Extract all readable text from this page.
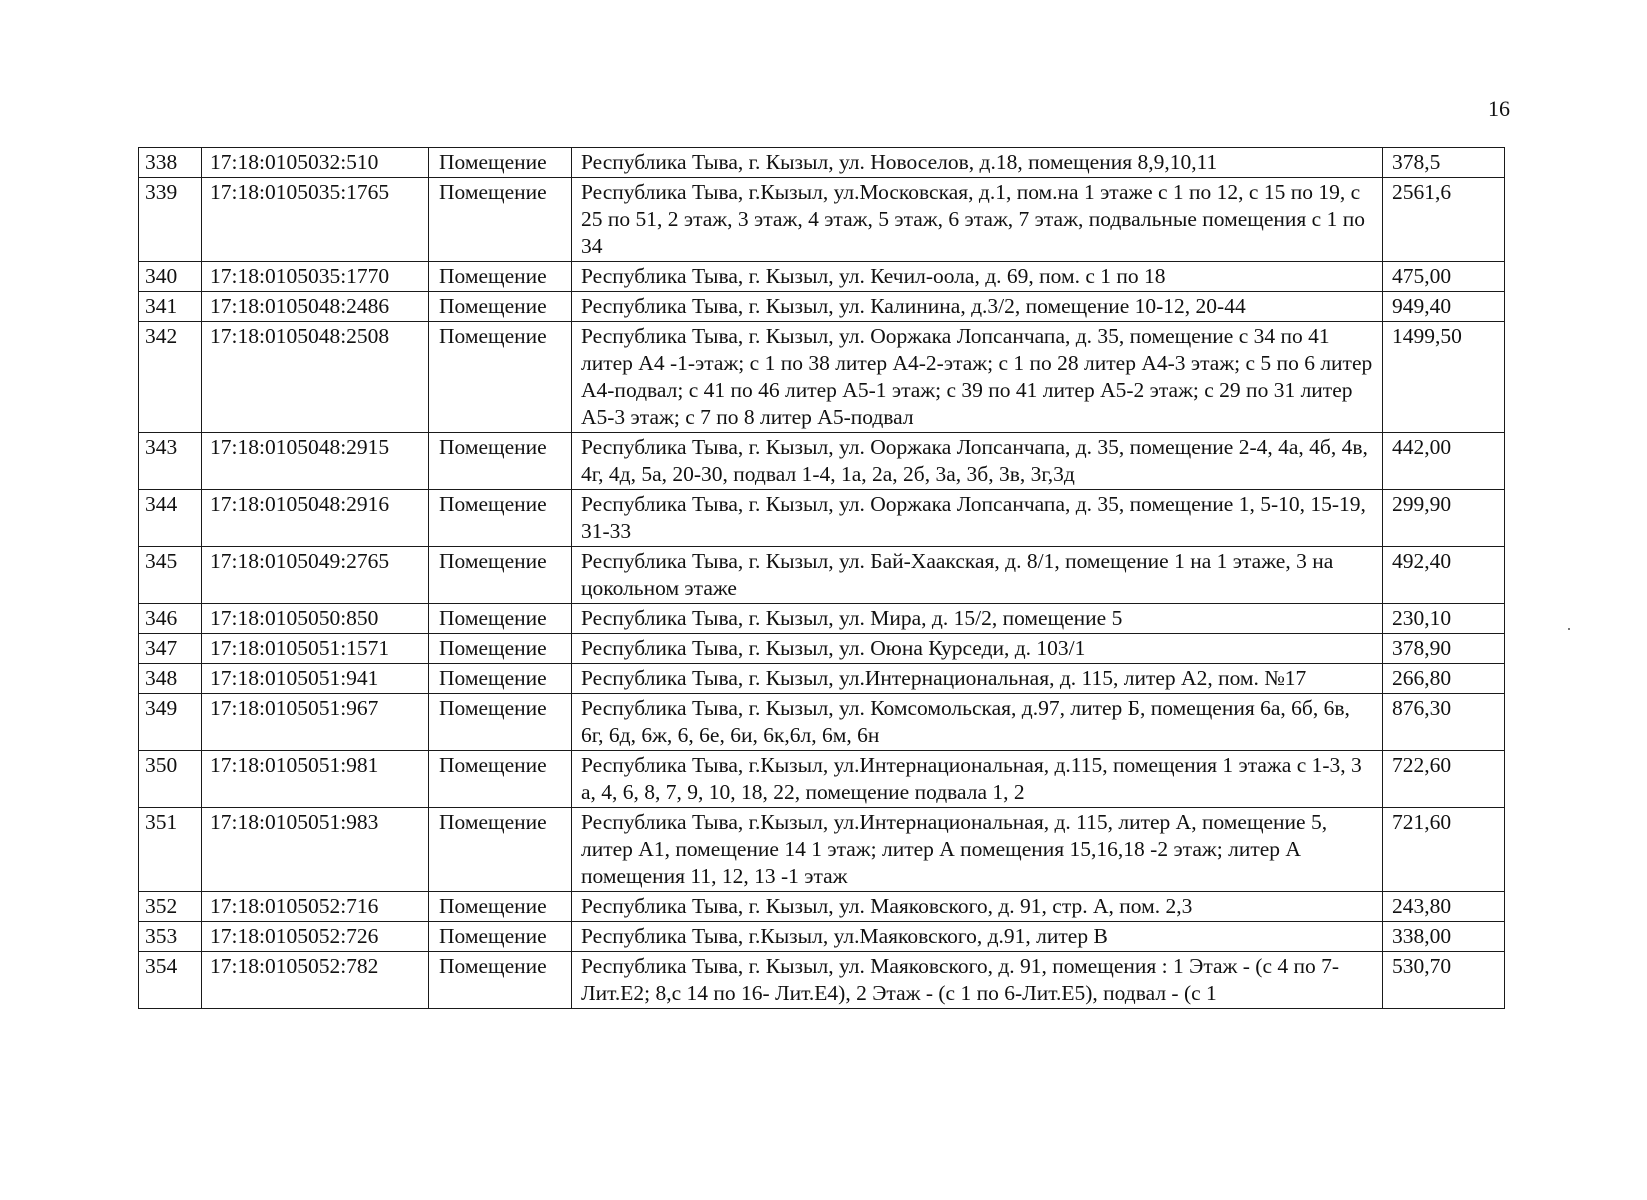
16
338	17:18:0105032:510	Помещение	Республика Тыва, г. Кызыл, ул. Новоселов, д.18, помещения 8,9,10,11	378,5
339	17:18:0105035:1765	Помещение	Республика Тыва, г.Кызыл, ул.Московская, д.1, пом.на 1 этаже с 1 по 12, с 15 по 19, с 25 по 51, 2 этаж, 3 этаж, 4 этаж, 5 этаж, 6 этаж, 7 этаж, подвальные помещения с 1 по 34	2561,6
340	17:18:0105035:1770	Помещение	Республика Тыва, г. Кызыл, ул. Кечил-оола, д. 69, пом. с 1 по 18	475,00
341	17:18:0105048:2486	Помещение	Республика Тыва, г. Кызыл, ул. Калинина, д.3/2, помещение 10-12, 20-44	949,40
342	17:18:0105048:2508	Помещение	Республика Тыва, г. Кызыл, ул. Ооржака Лопсанчапа, д. 35, помещение с 34 по 41 литер А4 -1-этаж; с 1 по 38 литер А4-2-этаж; с 1 по 28 литер А4-3 этаж; с 5 по 6 литер А4-подвал; с 41 по 46 литер А5-1 этаж; с 39 по 41 литер А5-2 этаж; с 29 по 31 литер А5-3 этаж; с 7 по 8 литер А5-подвал	1499,50
343	17:18:0105048:2915	Помещение	Республика Тыва, г. Кызыл, ул. Ооржака Лопсанчапа, д. 35, помещение 2-4, 4а, 4б, 4в, 4г, 4д, 5а, 20-30, подвал 1-4, 1а, 2а, 2б, 3а, 3б, 3в, 3г,3д	442,00
344	17:18:0105048:2916	Помещение	Республика Тыва, г. Кызыл, ул. Ооржака Лопсанчапа, д. 35, помещение 1, 5-10, 15-19, 31-33	299,90
345	17:18:0105049:2765	Помещение	Республика Тыва, г. Кызыл, ул. Бай-Хаакская, д. 8/1, помещение 1 на 1 этаже, 3 на цокольном этаже	492,40
346	17:18:0105050:850	Помещение	Республика Тыва, г. Кызыл, ул. Мира, д. 15/2, помещение 5	230,10
347	17:18:0105051:1571	Помещение	Республика Тыва, г. Кызыл, ул. Оюна Курседи, д. 103/1	378,90
348	17:18:0105051:941	Помещение	Республика Тыва, г. Кызыл, ул.Интернациональная, д. 115, литер А2, пом. №17	266,80
349	17:18:0105051:967	Помещение	Республика Тыва, г. Кызыл, ул. Комсомольская, д.97, литер Б, помещения 6а, 6б, 6в, 6г, 6д, 6ж, 6, 6е, 6и, 6к,6л, 6м, 6н	876,30
350	17:18:0105051:981	Помещение	Республика Тыва, г.Кызыл, ул.Интернациональная, д.115, помещения 1 этажа с 1-3, 3 а, 4, 6, 8, 7, 9, 10, 18, 22, помещение подвала 1, 2	722,60
351	17:18:0105051:983	Помещение	Республика Тыва, г.Кызыл, ул.Интернациональная, д. 115, литер А, помещение 5, литер А1, помещение 14 1 этаж; литер А помещения 15,16,18 -2 этаж; литер А помещения 11, 12, 13 -1 этаж	721,60
352	17:18:0105052:716	Помещение	Республика Тыва, г. Кызыл, ул. Маяковского, д. 91, стр. А, пом. 2,3	243,80
353	17:18:0105052:726	Помещение	Республика Тыва, г.Кызыл, ул.Маяковского, д.91, литер В	338,00
354	17:18:0105052:782	Помещение	Республика Тыва, г. Кызыл, ул. Маяковского, д. 91, помещения : 1 Этаж - (с 4 по 7- Лит.Е2; 8,с 14 по 16- Лит.Е4), 2 Этаж - (с 1 по 6-Лит.Е5), подвал - (с 1	530,70
